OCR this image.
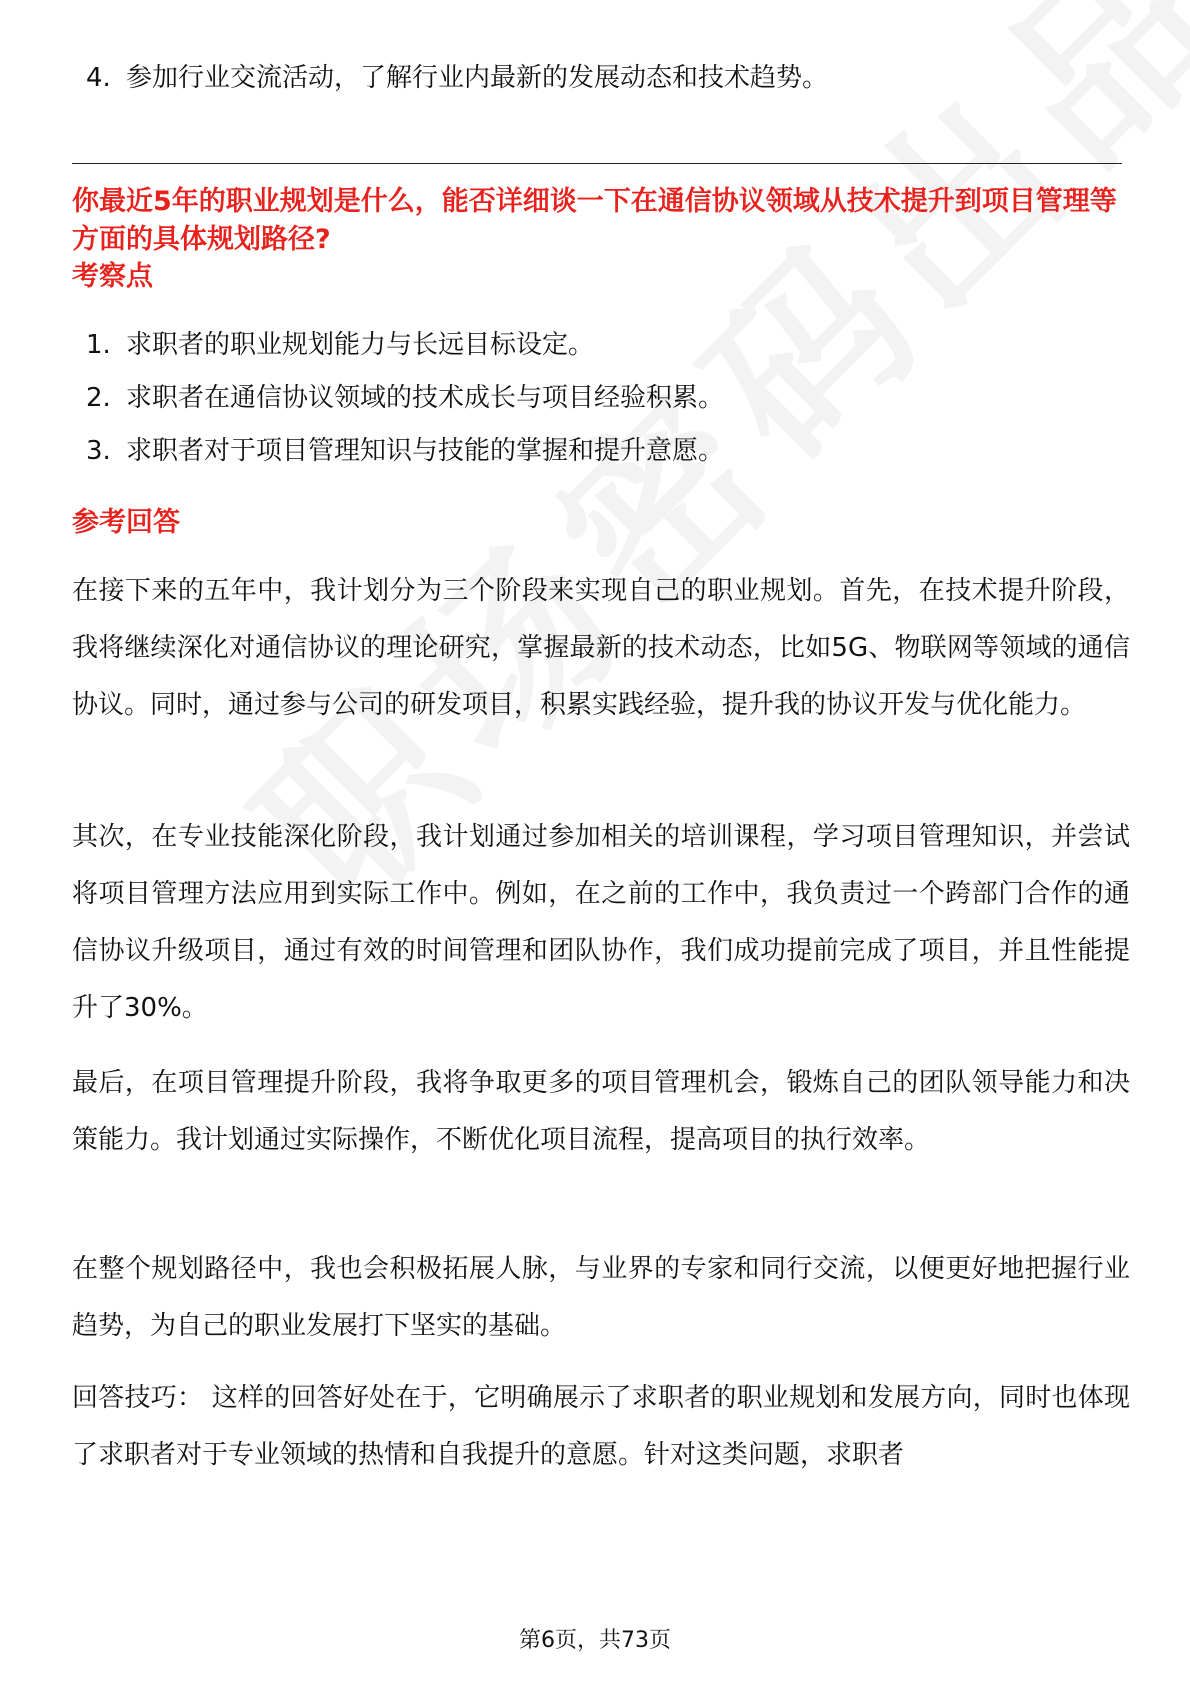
4. 参加行业交流活动，了解行业内最新的发展动态和技术趋势。
你最近5年的职业规划是什么，能否详细谈一下在通信协议领域从技术提升到项目管理等方面的具体规划路径?
考察点
1. 求职者的职业规划能力与长远目标设定。
2. 求职者在通信协议领域的技术成长与项目经验积累。
3. 求职者对于项目管理知识与技能的掌握和提升意愿。
参考回答
在接下来的五年中，我计划分为三个阶段来实现自己的职业规划。首先，在技术提升阶段，我将继续深化对通信协议的理论研究，掌握最新的技术动态，比如5G、物联网等领域的通信协议。同时，通过参与公司的研发项目，积累实践经验，提升我的协议开发与优化能力。
其次，在专业技能深化阶段，我计划通过参加相关的培训课程，学习项目管理知识，并尝试将项目管理方法应用到实际工作中。例如，在之前的工作中，我负责过一个跨部门合作的通信协议升级项目，通过有效的时间管理和团队协作，我们成功提前完成了项目，并且性能提升了30%。
最后，在项目管理提升阶段，我将争取更多的项目管理机会，锻炼自己的团队领导能力和决策能力。我计划通过实际操作，不断优化项目流程，提高项目的执行效率。
在整个规划路径中，我也会积极拓展人脉，与业界的专家和同行交流，以便更好地把握行业趋势，为自己的职业发展打下坚实的基础。
回答技巧： 这样的回答好处在于，它明确展示了求职者的职业规划和发展方向，同时也体现了求职者对于专业领域的热情和自我提升的意愿。针对这类问题，求职者
第6页，共73页
